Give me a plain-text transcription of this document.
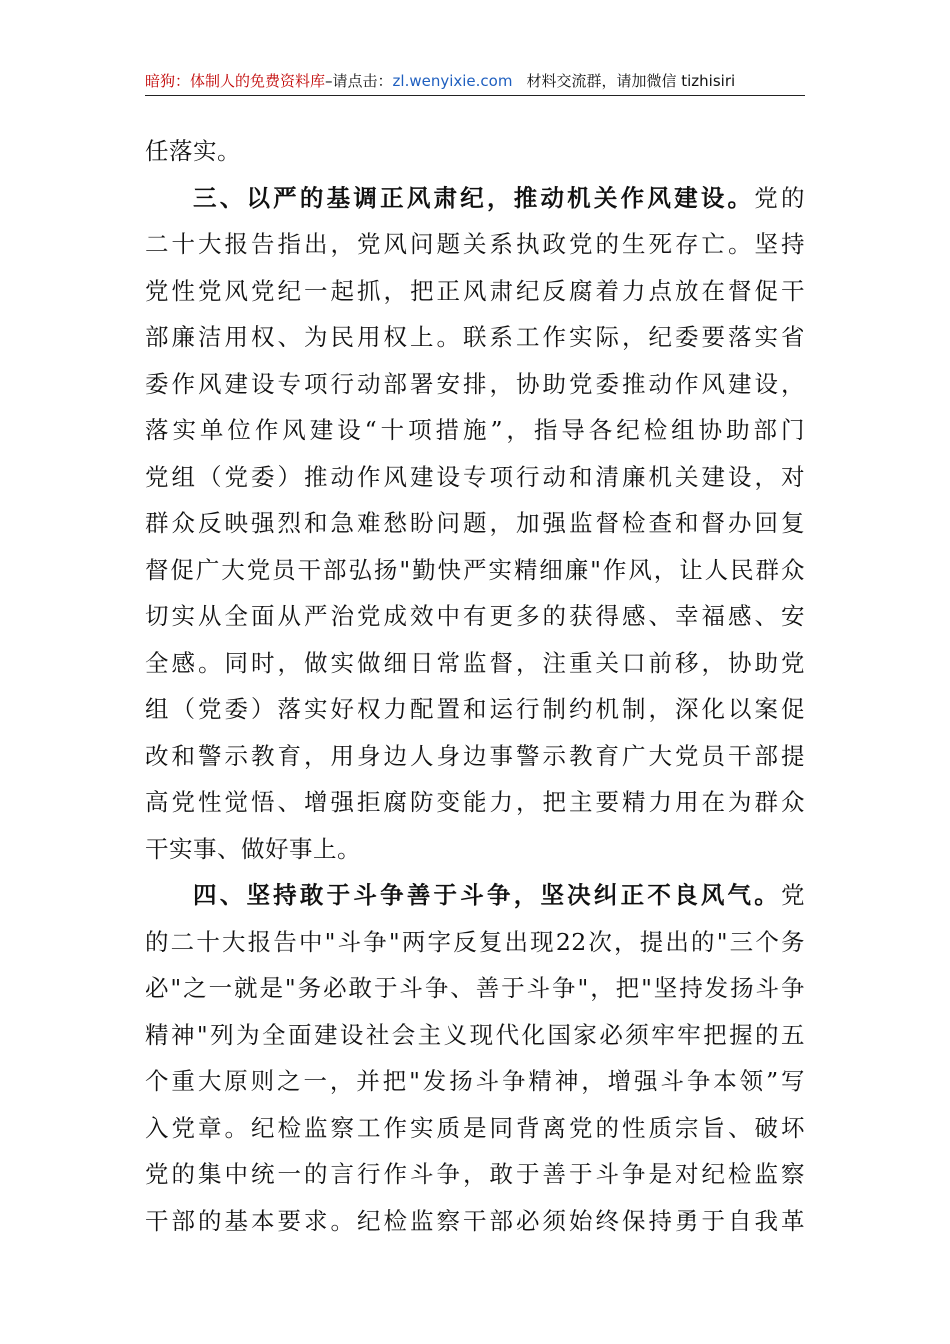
暗狗：体制人的免费资料库–请点击：zl.wenyixie.com 材料交流群，请加微信 tizhisiri
任落实。
三、以严的基调正风肃纪，推动机关作风建设。党的
二十大报告指出，党风问题关系执政党的生死存亡。坚持
党性党风党纪一起抓，把正风肃纪反腐着力点放在督促干
部廉洁用权、为民用权上。联系工作实际，纪委要落实省
委作风建设专项行动部署安排，协助党委推动作风建设，
落实单位作风建设“十项措施”，指导各纪检组协助部门
党组（党委）推动作风建设专项行动和清廉机关建设，对
群众反映强烈和急难愁盼问题，加强监督检查和督办回复
督促广大党员干部弘扬"勤快严实精细廉"作风，让人民群众
切实从全面从严治党成效中有更多的获得感、幸福感、安
全感。同时，做实做细日常监督，注重关口前移，协助党
组（党委）落实好权力配置和运行制约机制，深化以案促
改和警示教育，用身边人身边事警示教育广大党员干部提
高党性觉悟、增强拒腐防变能力，把主要精力用在为群众
干实事、做好事上。
四、坚持敢于斗争善于斗争，坚决纠正不良风气。党
的二十大报告中"斗争"两字反复出现22次，提出的"三个务
必"之一就是"务必敢于斗争、善于斗争"，把"坚持发扬斗争
精神"列为全面建设社会主义现代化国家必须牢牢把握的五
个重大原则之一，并把"发扬斗争精神，增强斗争本领”写
入党章。纪检监察工作实质是同背离党的性质宗旨、破坏
党的集中统一的言行作斗争，敢于善于斗争是对纪检监察
干部的基本要求。纪检监察干部必须始终保持勇于自我革
